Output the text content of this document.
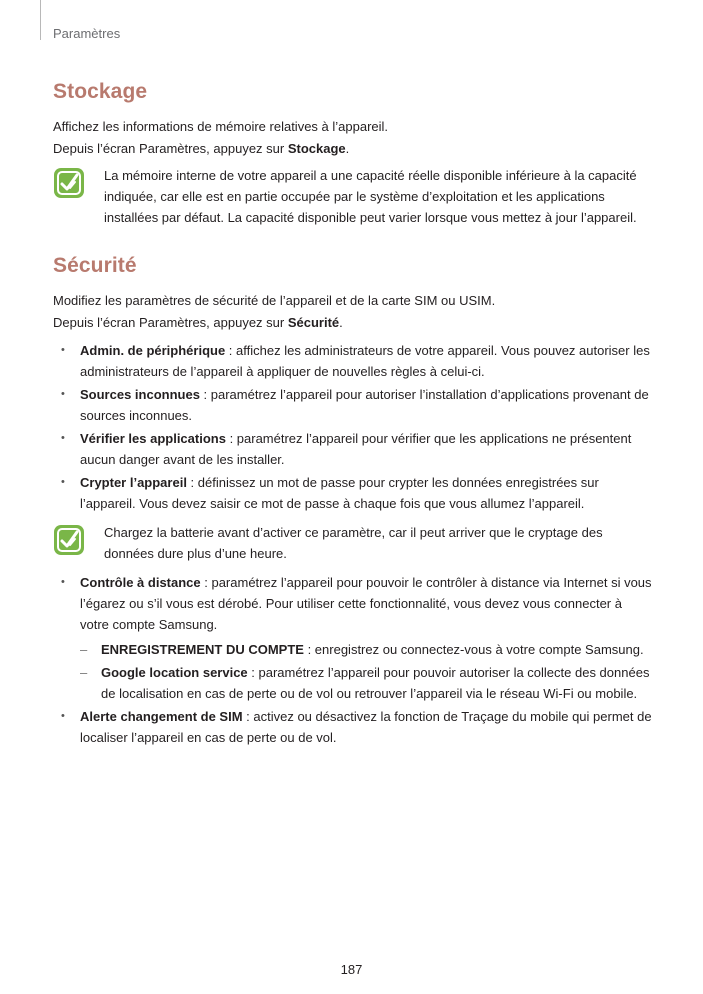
Paramètres
Stockage

Affichez les informations de mémoire relatives à l’appareil.

Depuis l’écran Paramètres, appuyez sur Stockage.

La mémoire interne de votre appareil a une capacité réelle disponible inférieure à la capacité indiquée, car elle est en partie occupée par le système d’exploitation et les applications installées par défaut. La capacité disponible peut varier lorsque vous mettez à jour l’appareil.

Sécurité

Modifiez les paramètres de sécurité de l’appareil et de la carte SIM ou USIM.

Depuis l’écran Paramètres, appuyez sur Sécurité.

• Admin. de périphérique : affichez les administrateurs de votre appareil. Vous pouvez autoriser les administrateurs de l’appareil à appliquer de nouvelles règles à celui-ci.
• Sources inconnues : paramétrez l’appareil pour autoriser l’installation d’applications provenant de sources inconnues.
• Vérifier les applications : paramétrez l’appareil pour vérifier que les applications ne présentent aucun danger avant de les installer.
• Crypter l’appareil : définissez un mot de passe pour crypter les données enregistrées sur l’appareil. Vous devez saisir ce mot de passe à chaque fois que vous allumez l’appareil.

Chargez la batterie avant d’activer ce paramètre, car il peut arriver que le cryptage des données dure plus d’une heure.

• Contrôle à distance : paramétrez l’appareil pour pouvoir le contrôler à distance via Internet si vous l’égarez ou s’il vous est dérobé. Pour utiliser cette fonctionnalité, vous devez vous connecter à votre compte Samsung.
– ENREGISTREMENT DU COMPTE : enregistrez ou connectez-vous à votre compte Samsung.
– Google location service : paramétrez l’appareil pour pouvoir autoriser la collecte des données de localisation en cas de perte ou de vol ou retrouver l’appareil via le réseau Wi-Fi ou mobile.
• Alerte changement de SIM : activez ou désactivez la fonction de Traçage du mobile qui permet de localiser l’appareil en cas de perte ou de vol.
187
